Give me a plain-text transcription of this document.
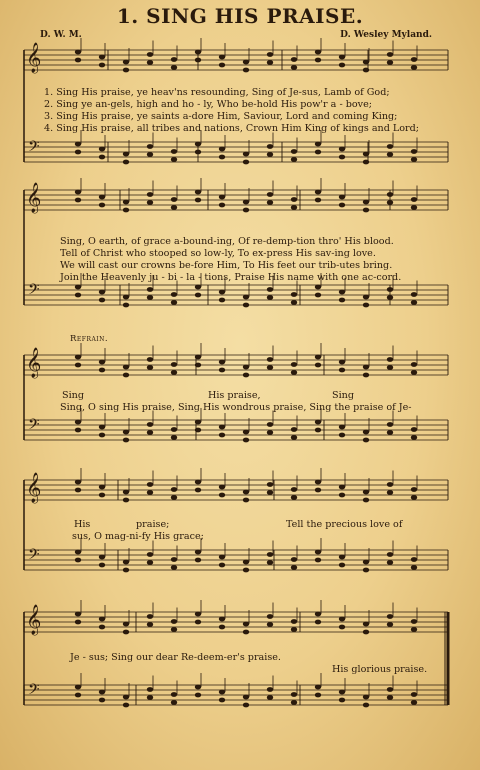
1. SING HIS PRAISE.
D. W. M.	D. Wesley Myland.
𝄞
𝄢
𝄞
𝄢
𝄞
𝄢
𝄞
𝄢
𝄞
𝄢
1. Sing His praise, ye heav'ns resounding, Sing of Je-sus, Lamb of God;
2. Sing ye an-gels, high and ho - ly, Who be-hold His pow'r a - bove;
3. Sing His praise, ye saints a-dore Him, Saviour, Lord and coming King;
4. Sing His praise, all tribes and nations, Crown Him King of kings and Lord;
Sing, O earth, of grace a-bound-ing, Of re-demp-tion thro' His blood.
Tell of Christ who stooped so low-ly, To ex-press His sav-ing love.
We will cast our crowns be-fore Him, To His feet our trib-utes bring.
Join the Heavenly ju - bi - la - tions, Praise His name with one ac-cord.
Refrain.
Sing	His praise,	Sing
Sing, O sing His praise, Sing His wondrous praise, Sing the praise of Je-
His	praise;	Tell the precious love of
sus, O mag-ni-fy His grace;
Je - sus; Sing our dear Re-deem-er's praise.
His glorious praise.
